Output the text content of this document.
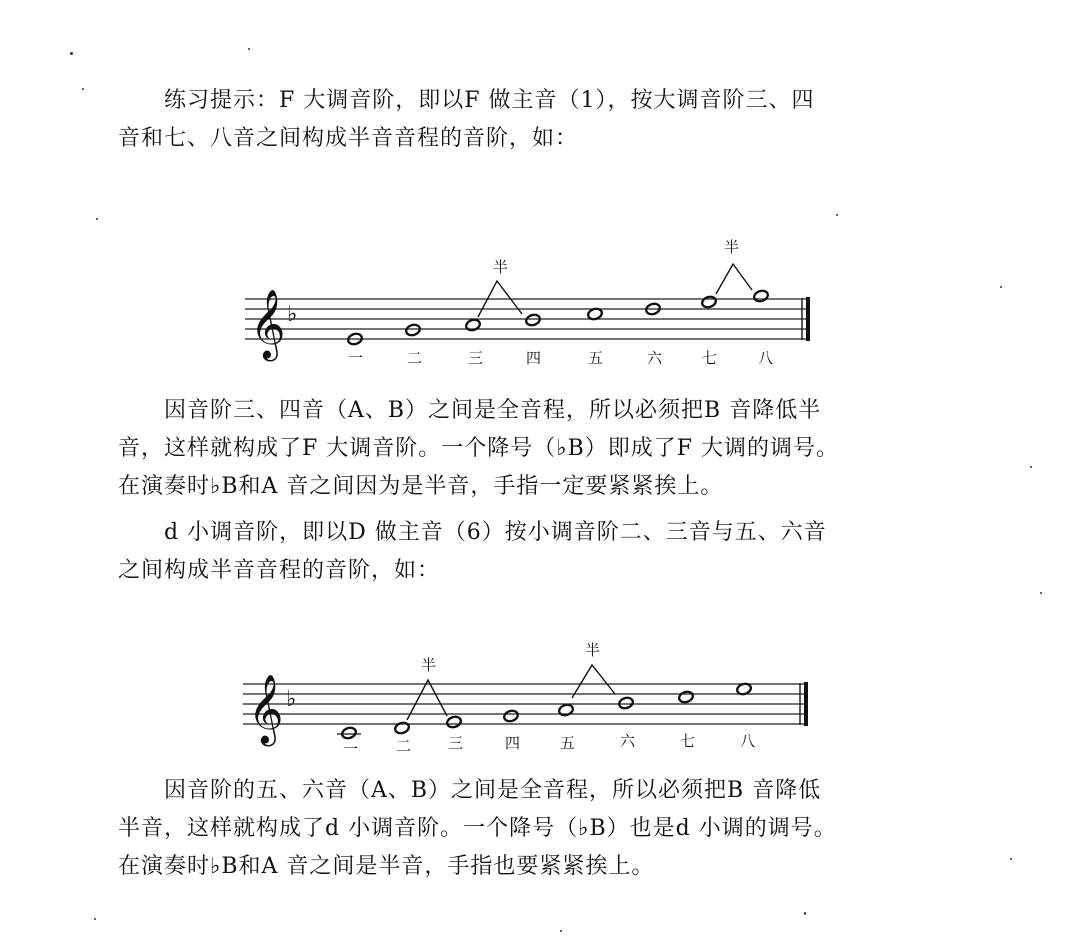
　　练习提示：F 大调音阶，即以F 做主音（1），按大调音阶三、四
音和七、八音之间构成半音音程的音阶，如：

𝄞 ♭
半
半
一	二	三	四	五	六	七	八

　　因音阶三、四音（A、B）之间是全音程，所以必须把B 音降低半
音，这样就构成了F 大调音阶。一个降号（♭B）即成了F 大调的调号。
在演奏时♭B和A 音之间因为是半音，手指一定要紧紧挨上。

　　d 小调音阶，即以D 做主音（6）按小调音阶二、三音与五、六音
之间构成半音音程的音阶，如：

𝄞 ♭
半
半
一	二 三	四	五	六	七	八

　　因音阶的五、六音（A、B）之间是全音程，所以必须把B 音降低
半音，这样就构成了d 小调音阶。一个降号（♭B）也是d 小调的调号。
在演奏时♭B和A 音之间是半音，手指也要紧紧挨上。
